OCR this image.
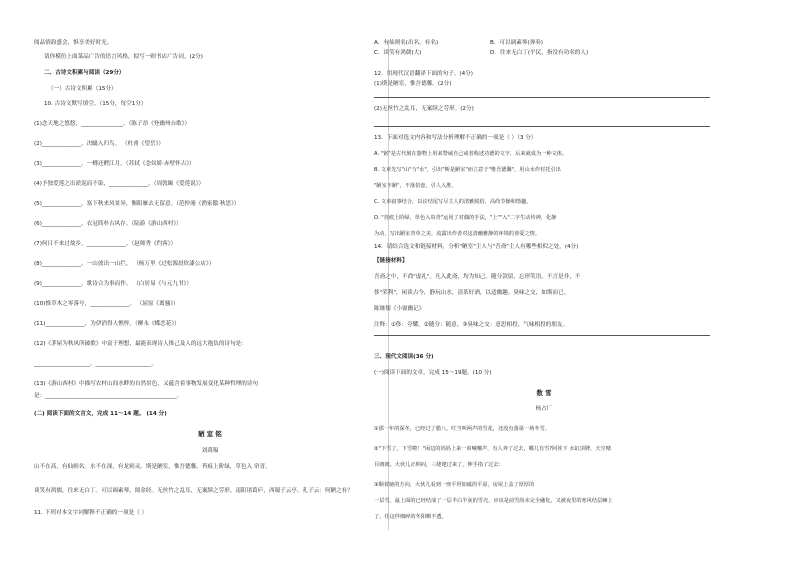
阅品情韵盛会，惧享美好时光。
请你模仿上面菜品广告的语言风格，拟写一则书店广告词。(2分)
二、古诗文积累与阅读（29分）
（一）古诗文积累（15分）
10. 古诗文默写填空。（15分，每空1分）
(1)念天地之悠悠，_______________。（陈子昂《登幽州台歌》）
(2)______________，决眦入归鸟。 （杜甫《望岳》）
(3)______________，一樽还酹江月。（苏轼《念奴娇·赤壁怀古》）
(4)予独爱莲之出淤泥而不染，______________。（周敦颐《爱莲说》）
(5)______________，塞下秋来风景异，衡阳雁去无留意。（范仲淹《渔家傲·秋思》）
(6)______________，衣冠简朴古风存。（陆游《游山西村》）
(7)何日不来过故乡，______________。（赵师秀《约客》）
(8)______________，一山放出一山拦。 （杨万里《过松源晨炊漆公店》）
(9)______________，歌诗合为事而作。 （白居易《与元九书》）
(10)惟草木之零落兮，______________。 （屈原《离骚》）
(11)______________，为伊消得人憔悴。（柳永《蝶恋花》）
(12)《茅屋为秋风所破歌》中富于理想，最能表现诗人推己及人的远大抱负的诗句是：
____________________，____________________。
(13)《游山西村》中描写农村山间水畔的自然景色，又蕴含着事物发展变化某种哲理的诗句
是：_______________________________________________。
(二) 阅读下面的文言文，完成 11～14 题。 (14 分)
陋 室 铭
刘禹锡
山不在高，有仙则名。水不在深，有龙则灵。斯是陋室，惟吾德馨。苔痕上阶绿，草色入 帘青。
谈笑有鸿儒，往来无白丁。可以调素琴，阅金经。无丝竹之乱耳，无案牍之劳形。南阳诸葛庐，西蜀子云亭。孔子云：何陋之有？
11. 下列对本文字词解释不正确的一项是（ ）
A．有仙则名(出名，有名)	B．可以调素琴(弹奏)
C．谈笑有鸿儒(大)	D．往来无白丁(平民，指没有功名的人)
12．用现代汉语翻译下面的句子。(4分)
(1)斯是陋室，惟吾德馨。(2分)
(2)无丝竹之乱耳，无案牍之劳形。(2分)
13．下面对选文内容和写法分析理解不正确的一项是（ ）（3 分）
A. "铭"是古代刻在器物上用来警诫自己或者称述功德的文字，后来就成为一种文体。
B. 文章先写"山"与"水"，引出"斯是陋室"而立意于"惟吾德馨"，用山水作衬托引出
"陋室不陋"，不落俗套，引人入胜。
C. 文章叙事结合，以议结尾写尽主人的清雅脱俗、高尚节操和情趣。
D. "苔痕上阶绿，草色入帘青"运用了对偶的手法，"上""入"二字生动传神，化静
为动，写出陋室青草之美，流露出作者对这清幽雅静的环境的喜爱之情。
14．请结合选文和链接材料，分析"陋室"主人与"吾斋"主人有哪些相似之处。(4分)
【链接材料】
吾斋之中，不尚"虚礼"。凡入此斋，均为知己。随分款留，忘形笑语。不言是非，不
侈"荣利"，闲谈古今，静玩山水，清茶好酒，以适幽趣。臭味之交，如斯而已。
陈继儒《小窗幽记》
注释：①侈：夸耀。②随分：随意。③臭味之交：意思相投、气味相投的朋友。
三、现代文阅读(36 分)
(一)阅读下面的文章，完成 15～19题。(10 分)
数 雪
杨占厂
①那一年的深冬，已经过了腊八，叮当叫两声的雪花，还没有落第一场冬雪。
②"下雪了，下雪啦！"闲边的妈妈上来一串喊嚷声，有人奔了过去，哪儿有雪?阿娃下 水缸顶牌，天空晴
目朗朗。大伙儿正纳闷，三姥姥过来了，伸手指了过去：
③顺着她的方向，大伙儿看到一座平坦如砥的平原，房屋上盖了厚厚的
一层雪，最上面的已经结成了一层半白半灰的雪壳，应该是前雪尚未完全融化，又被夜里的寒风结层棘上
了，任这样细碎的冬阳晒不透。
